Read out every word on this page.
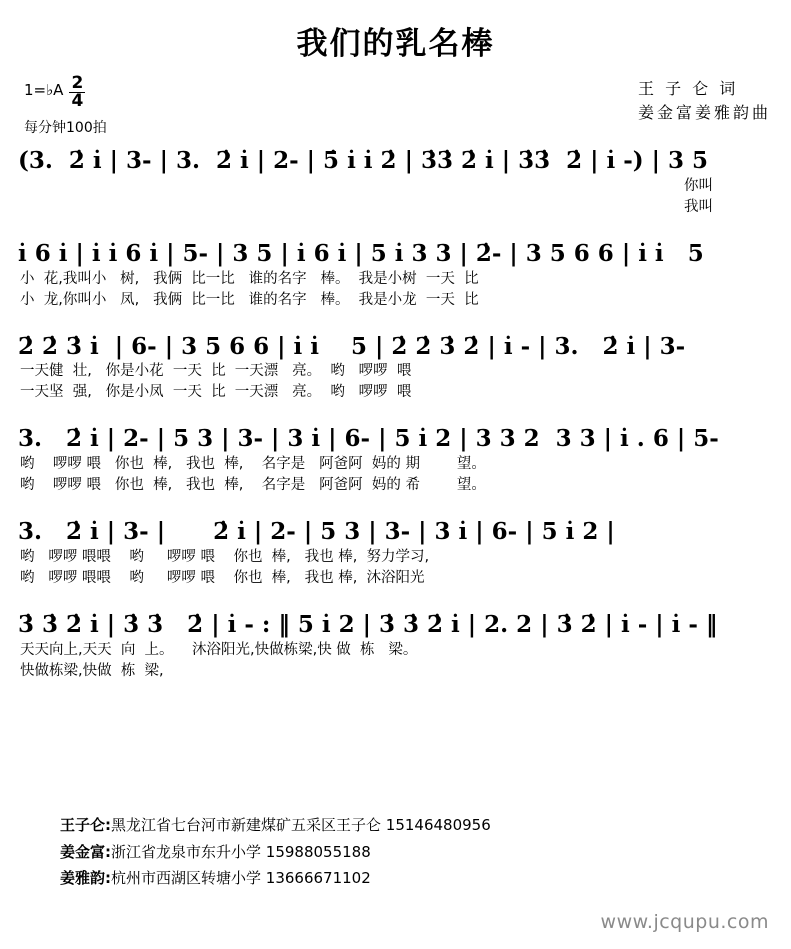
我们的乳名棒
1=♭A $\frac{2}{4}$
每分钟100拍
王 子 仑 词
姜金富姜雅韵曲
(3.  2̇ i̇ | 3- | 3.  2̇ i̇ | 2- | 5̇ i̇ i̇ 2̇ | 3̇3̇ 2̇ i̇ | 3̇3̇  2̇ | i̇ -) | 3 5
你叫
我叫
i̇ 6 i̇ | i̇ i̇ 6 i̇ | 5- | 3 5 | i̇ 6 i̇ | 5 i̇ 3 3 | 2̇- | 3 5 6 6 | i̇ i̇   5
小  花,我叫小   树,   我俩  比一比   谁的名字   棒。  我是小树  一天  比
小  龙,你叫小   凤,   我俩  比一比   谁的名字   棒。  我是小龙  一天  比
2̇ 2̇ 3̇ i̇  | 6- | 3 5 6 6 | i̇ i̇    5 | 2̇ 2̇ 3̇ 2̇ | i̇ - | 3.   2̇ i̇ | 3-
一天健  壮,   你是小花  一天  比  一天漂   亮。  哟   啰啰  喂
一天坚  强,   你是小凤  一天  比  一天漂   亮。  哟   啰啰  喂
3.   2̇ i̇ | 2- | 5 3 | 3- | 3 i̇ | 6- | 5 i̇ 2 | 3 3 2  3 3 | i̇ . 6 | 5-
哟    啰啰 喂   你也  棒,   我也  棒,    名字是   阿爸阿  妈的 期        望。
哟    啰啰 喂   你也  棒,   我也  棒,    名字是   阿爸阿  妈的 希        望。
3.   2̇ i̇ | 3- |      2̇ i̇ | 2- | 5 3 | 3- | 3 i̇ | 6- | 5 i̇ 2 |
哟   啰啰 喂喂    哟     啰啰 喂    你也  棒,   我也 棒,  努力学习,
哟   啰啰 喂喂    哟     啰啰 喂    你也  棒,   我也 棒,  沐浴阳光
3̇ 3̇ 2̇ i̇ | 3̇ 3̇   2̇ | i̇ - : ‖ 5 i̇ 2 | 3̇ 3̇ 2̇ i̇ | 2. 2 | 3̇ 2̇ | i̇ - | i̇ - ‖
天天向上,天天  向  上。    沐浴阳光,快做栋梁,快 做  栋   梁。
快做栋梁,快做  栋  梁,
王子仑:黑龙江省七台河市新建煤矿五采区王子仑 15146480956
姜金富:浙江省龙泉市东升小学 15988055188
姜雅韵:杭州市西湖区转塘小学 13666671102
www.jcqupu.com
